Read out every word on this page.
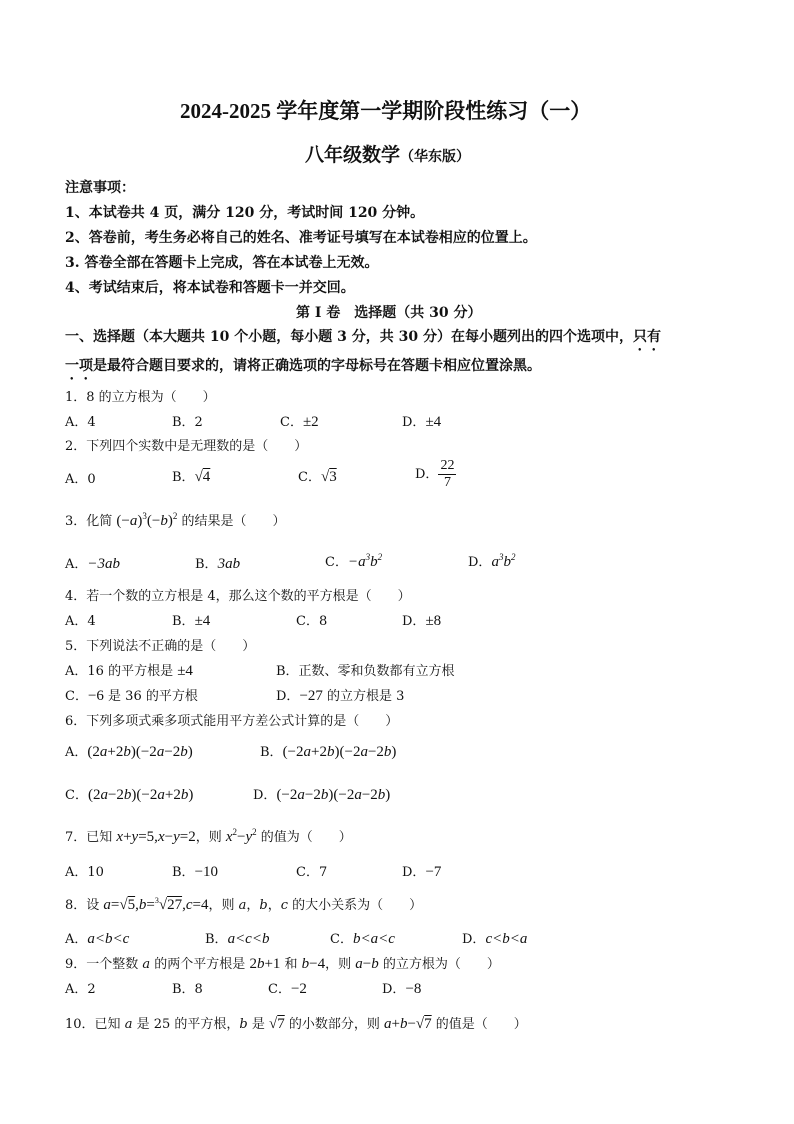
2024-2025 学年度第一学期阶段性练习（一）
八年级数学（华东版）
注意事项：
1、本试卷共 4 页，满分 120 分，考试时间 120 分钟。
2、答卷前，考生务必将自己的姓名、准考证号填写在本试卷相应的位置上。
3. 答卷全部在答题卡上完成，答在本试卷上无效。
4、考试结束后，将本试卷和答题卡一并交回。
第 I 卷　选择题（共 30 分）
一、选择题（本大题共 10 个小题，每小题 3 分，共 30 分）在每小题列出的四个选项中，只有
一项是最符合题目要求的，请将正确选项的字母标号在答题卡相应位置涂黑。
1．8 的立方根为（　　）
A．4	B．2	C．±2	D．±4
2．下列四个实数中是无理数的是（　　）
A．0	B．√4	C．√3	D． $\frac{22}{7}$
3．化简 $(-a)^3(-b)^2$ 的结果是（　　）
A．−3ab	B．3ab	C．$-a^3b^2$	D．$a^3b^2$
4．若一个数的立方根是 4，那么这个数的平方根是（　　）
A．4	B．±4	C．8	D．±8
5．下列说法不正确的是（　　）
A．16 的平方根是 ±4	B．正数、零和负数都有立方根
C．−6 是 36 的平方根	D．−27 的立方根是 3
6．下列多项式乘多项式能用平方差公式计算的是（　　）
A．(2a+2b)(−2a−2b)	B．(−2a+2b)(−2a−2b)
C．(2a−2b)(−2a+2b)	D．(−2a−2b)(−2a−2b)
7．已知 x+y=5,x−y=2，则 $x^2-y^2$ 的值为（　　）
A．10	B．−10	C．7	D．−7
8．设 a=√5,b=$^3$√27,c=4，则 a，b，c 的大小关系为（　　）
A．a<b<c	B．a<c<b	C．b<a<c	D．c<b<a
9．一个整数 a 的两个平方根是 2b+1 和 b−4，则 a−b 的立方根为（　　）
A．2	B．8	C．−2	D．−8
10．已知 a 是 25 的平方根，b 是 √7 的小数部分，则 a+b−√7 的值是（　　）
